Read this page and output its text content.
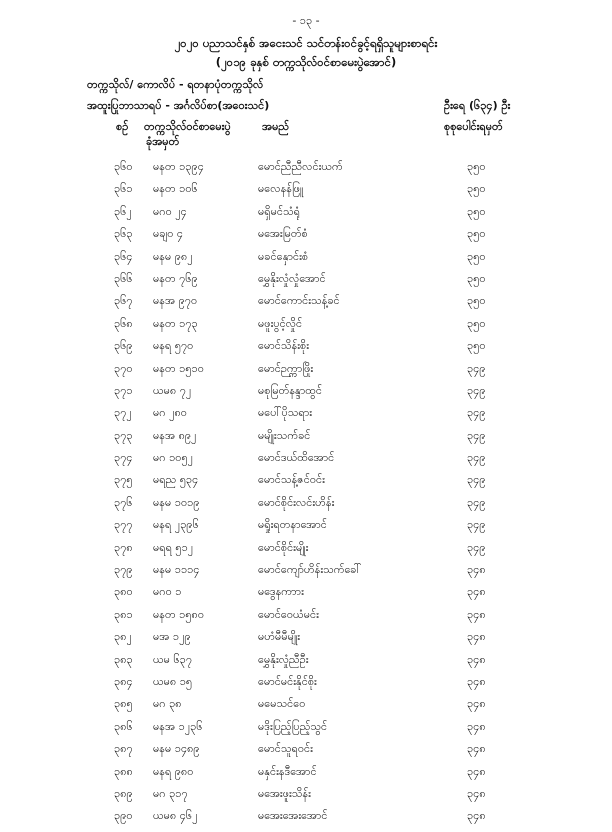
- ၁၃ -
၂၀၂၀ ပညာသင်နှစ် အငေးသင် သင်တန်းဝင်ခွင့်ရရှိသူများစာရင်း
(၂၀၁၉ ခုနှစ် တက္ကသိုလ်ဝင်စာမေးပွဲအောင်)
တက္ကသိုလ်/ ကောလိပ် - ရတနာပုံတက္ကသိုလ်
အထူးပြုဘာသာရပ် - အင်္ဂလိပ်စာ(အဝေးသင်)	ဦးရေ (၆၃၄) ဦး
စဉ် တက္ကသိုလ်ဝင်စာမေးပွဲ
ခုံအမှတ်
အမည်	စုစုပေါင်းရမှတ်
၃၆၀ မနတ ၁၃၉၄	မောင်ညီညီလင်းယက်	၃၅၀
၃၆၁ မနတ ၁၀၆	မလေနန်ဖြူ	၃၅၀
၃၆၂ မဂ၀ ၂၄	မရှိမင်သံရုံ	၃၅၀
၃၆၃ မချ၀ ၄	မအေးမြတ်စံ	၃၅၀
၃၆၄ မနမ ၉၈၂	မခင်နှောင်းစံ	၃၅၀
၃၆၆ မနတ ၇၆၉	မွှေနိုးလှုံလှုံအောင်	၃၅၀
၃၆၇ မနအ ၉၇၀	မောင်ကောင်းသန့်ခင်	၃၅၀
၃၆၈ မနတ ၁၇၃	မဖူးပွင့်လှိုင်	၃၅၀
၃၆၉ မနရ ၅၇၀	မောင်သိန်းစိုး	၃၅၀
၃၇၀ မနတ ၁၅၁၀	မောင်ဉက္ကာဖြိုး	၃၄၉
၃၇၁ ယမ၈ ၇၂	မစုမြတ်နန္ဒာထွင်	၃၄၉
၃၇၂ မဂ ၂၈၀	မပေါ်ပိုသရား	၃၄၉
၃၇၃ မနအ ၈၉၂	မမျိုးသက်ခင်	၃၄၉
၃၇၄ မဂ ၁၀၅၂	မောင်ဒယ်ထိအောင်	၃၄၉
၃၇၅ မရည ၅၃၄	မောင်သန့်ဇင်ဝင်း	၃၄၉
၃၇၆ မနမ ၁၀၁၉	မောင်စိုင်းလင်းဟိန်း	၃၄၉
၃၇၇ မနရ ၂၃၉၆	မရှိုးရတနာအောင်	၃၄၉
၃၇၈ မရရ ၅၁၂	မောင်စိုင်းမျိုး	၃၄၉
၃၇၉ မနမ ၁၁၁၄	မောင်ကျော်ဟိန်းသက်ခေါ်	၃၄၈
၃၈၀ မဂ၀ ၁	မဒွေနကာား	၃၄၈
၃၈၁ မနတ ၁၅၈၀	မောင်ဝေယံမင်း	၃၄၈
၃၈၂ မအ ၁၂၉	မဟံမီမီမျိုး	၃၄၈
၃၈၃ ယမ ၆၃၇	မွှေနိုးလှုံညီဦး	၃၄၈
၃၈၄ ယမ၈ ၁၅	မောင်မင်းနိုင်စိုး	၃၄၈
၃၈၅ မဂ ၃၈	မမေသင်ဝေ	၃၄၈
၃၈၆ မနအ ၁၂၃၆	မဒိုးပြည့်ပြည့်သွင်	၃၄၈
၃၈၇ မနမ ၁၄၈၉	မောင်သူရဝင်း	၃၄၈
၃၈၈ မနရ ၉၈၀	မနှင်းနဒီအောင်	၃၄၈
၃၈၉ မဂ ၃၁၇	မအေးဖူးသိန်း	၃၄၈
၃၉၀ ယမ၈ ၄၆၂	မအေးအေးအောင်	၃၄၈
